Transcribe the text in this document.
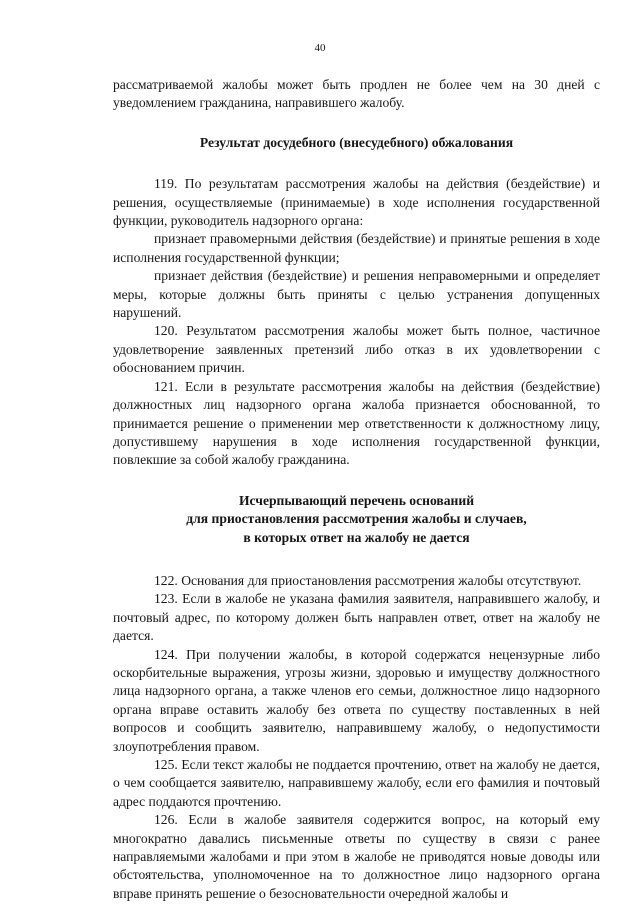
40

рассматриваемой жалобы может быть продлен не более чем на 30 дней с уведомлением гражданина, направившего жалобу.

Результат досудебного (внесудебного) обжалования

119. По результатам рассмотрения жалобы на действия (бездействие) и решения, осуществляемые (принимаемые) в ходе исполнения государственной функции, руководитель надзорного органа:

признает правомерными действия (бездействие) и принятые решения в ходе исполнения государственной функции;

признает действия (бездействие) и решения неправомерными и определяет меры, которые должны быть приняты с целью устранения допущенных нарушений.

120. Результатом рассмотрения жалобы может быть полное, частичное удовлетворение заявленных претензий либо отказ в их удовлетворении с обоснованием причин.

121. Если в результате рассмотрения жалобы на действия (бездействие) должностных лиц надзорного органа жалоба признается обоснованной, то принимается решение о применении мер ответственности к должностному лицу, допустившему нарушения в ходе исполнения государственной функции, повлекшие за собой жалобу гражданина.

Исчерпывающий перечень оснований
для приостановления рассмотрения жалобы и случаев,
в которых ответ на жалобу не дается

122. Основания для приостановления рассмотрения жалобы отсутствуют.

123. Если в жалобе не указана фамилия заявителя, направившего жалобу, и почтовый адрес, по которому должен быть направлен ответ, ответ на жалобу не дается.

124. При получении жалобы, в которой содержатся нецензурные либо оскорбительные выражения, угрозы жизни, здоровью и имуществу должностного лица надзорного органа, а также членов его семьи, должностное лицо надзорного органа вправе оставить жалобу без ответа по существу поставленных в ней вопросов и сообщить заявителю, направившему жалобу, о недопустимости злоупотребления правом.

125. Если текст жалобы не поддается прочтению, ответ на жалобу не дается, о чем сообщается заявителю, направившему жалобу, если его фамилия и почтовый адрес поддаются прочтению.

126. Если в жалобе заявителя содержится вопрос, на который ему многократно давались письменные ответы по существу в связи с ранее направляемыми жалобами и при этом в жалобе не приводятся новые доводы или обстоятельства, уполномоченное на то должностное лицо надзорного органа вправе принять решение о безосновательности очередной жалобы и
